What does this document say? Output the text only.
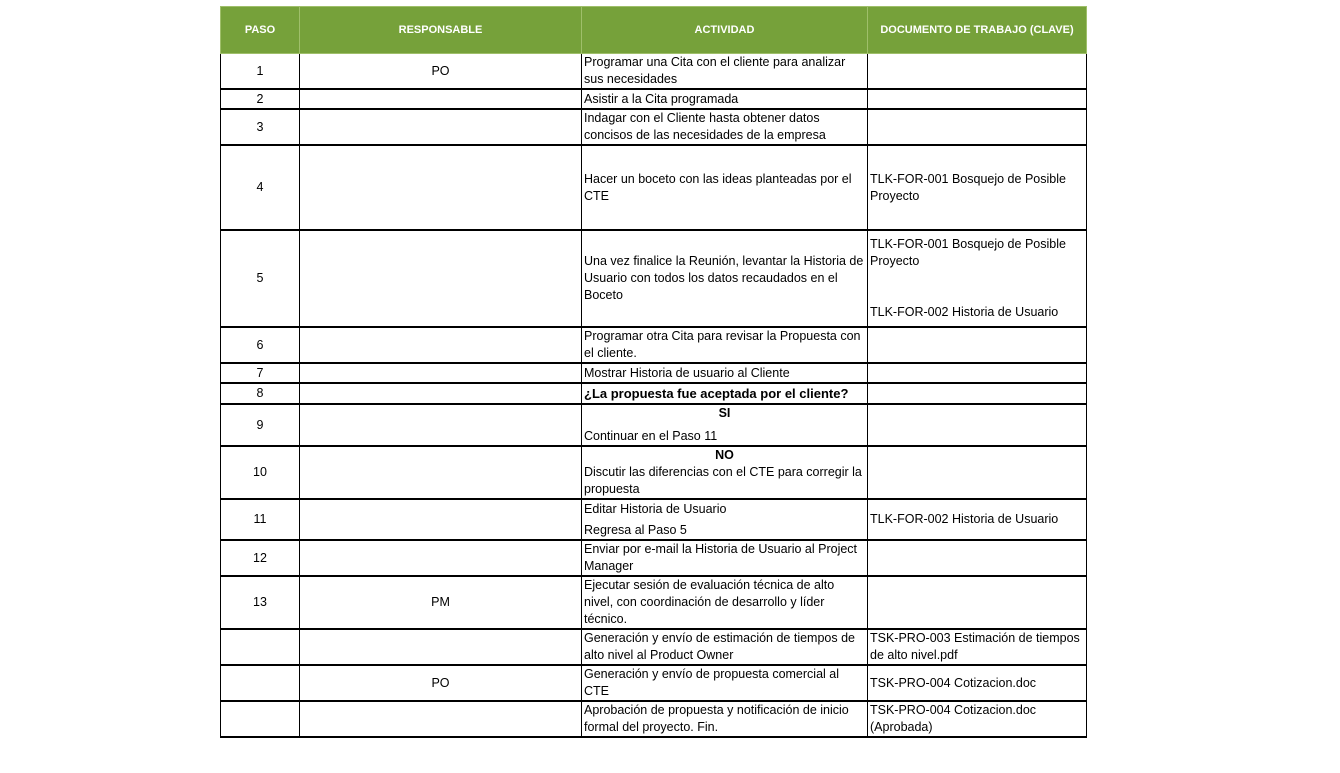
PASO	RESPONSABLE	ACTIVIDAD	DOCUMENTO DE TRABAJO (CLAVE)
1	PO	Programar una Cita con el cliente para analizar sus necesidades	
2		Asistir a la Cita programada	
3		Indagar con el Cliente hasta obtener datos concisos de las necesidades de la empresa	
4		Hacer un boceto con las ideas planteadas por el CTE	TLK-FOR-001 Bosquejo de Posible Proyecto
5		Una vez finalice la Reunión, levantar la Historia de Usuario con todos los datos recaudados en el Boceto	TLK-FOR-001 Bosquejo de Posible Proyecto
TLK-FOR-002 Historia de Usuario
6		Programar otra Cita para revisar la Propuesta con el cliente.	
7		Mostrar Historia de usuario al Cliente	
8		¿La propuesta fue aceptada por el cliente?	
9		SI
Continuar en el Paso 11	
10		NO
Discutir las diferencias con el CTE para corregir la propuesta	
11		Editar Historia de Usuario
Regresa al Paso 5	TLK-FOR-002 Historia de Usuario
12		Enviar por e-mail la Historia de Usuario al Project Manager	
13	PM	Ejecutar sesión de evaluación técnica de alto nivel, con coordinación de desarrollo y líder técnico.	
		Generación y envío de estimación de tiempos de alto nivel al Product Owner	TSK-PRO-003 Estimación de tiempos de alto nivel.pdf
	PO	Generación y envío de propuesta comercial al CTE	TSK-PRO-004 Cotizacion.doc
		Aprobación de propuesta y notificación de inicio formal del proyecto. Fin.	TSK-PRO-004 Cotizacion.doc (Aprobada)
